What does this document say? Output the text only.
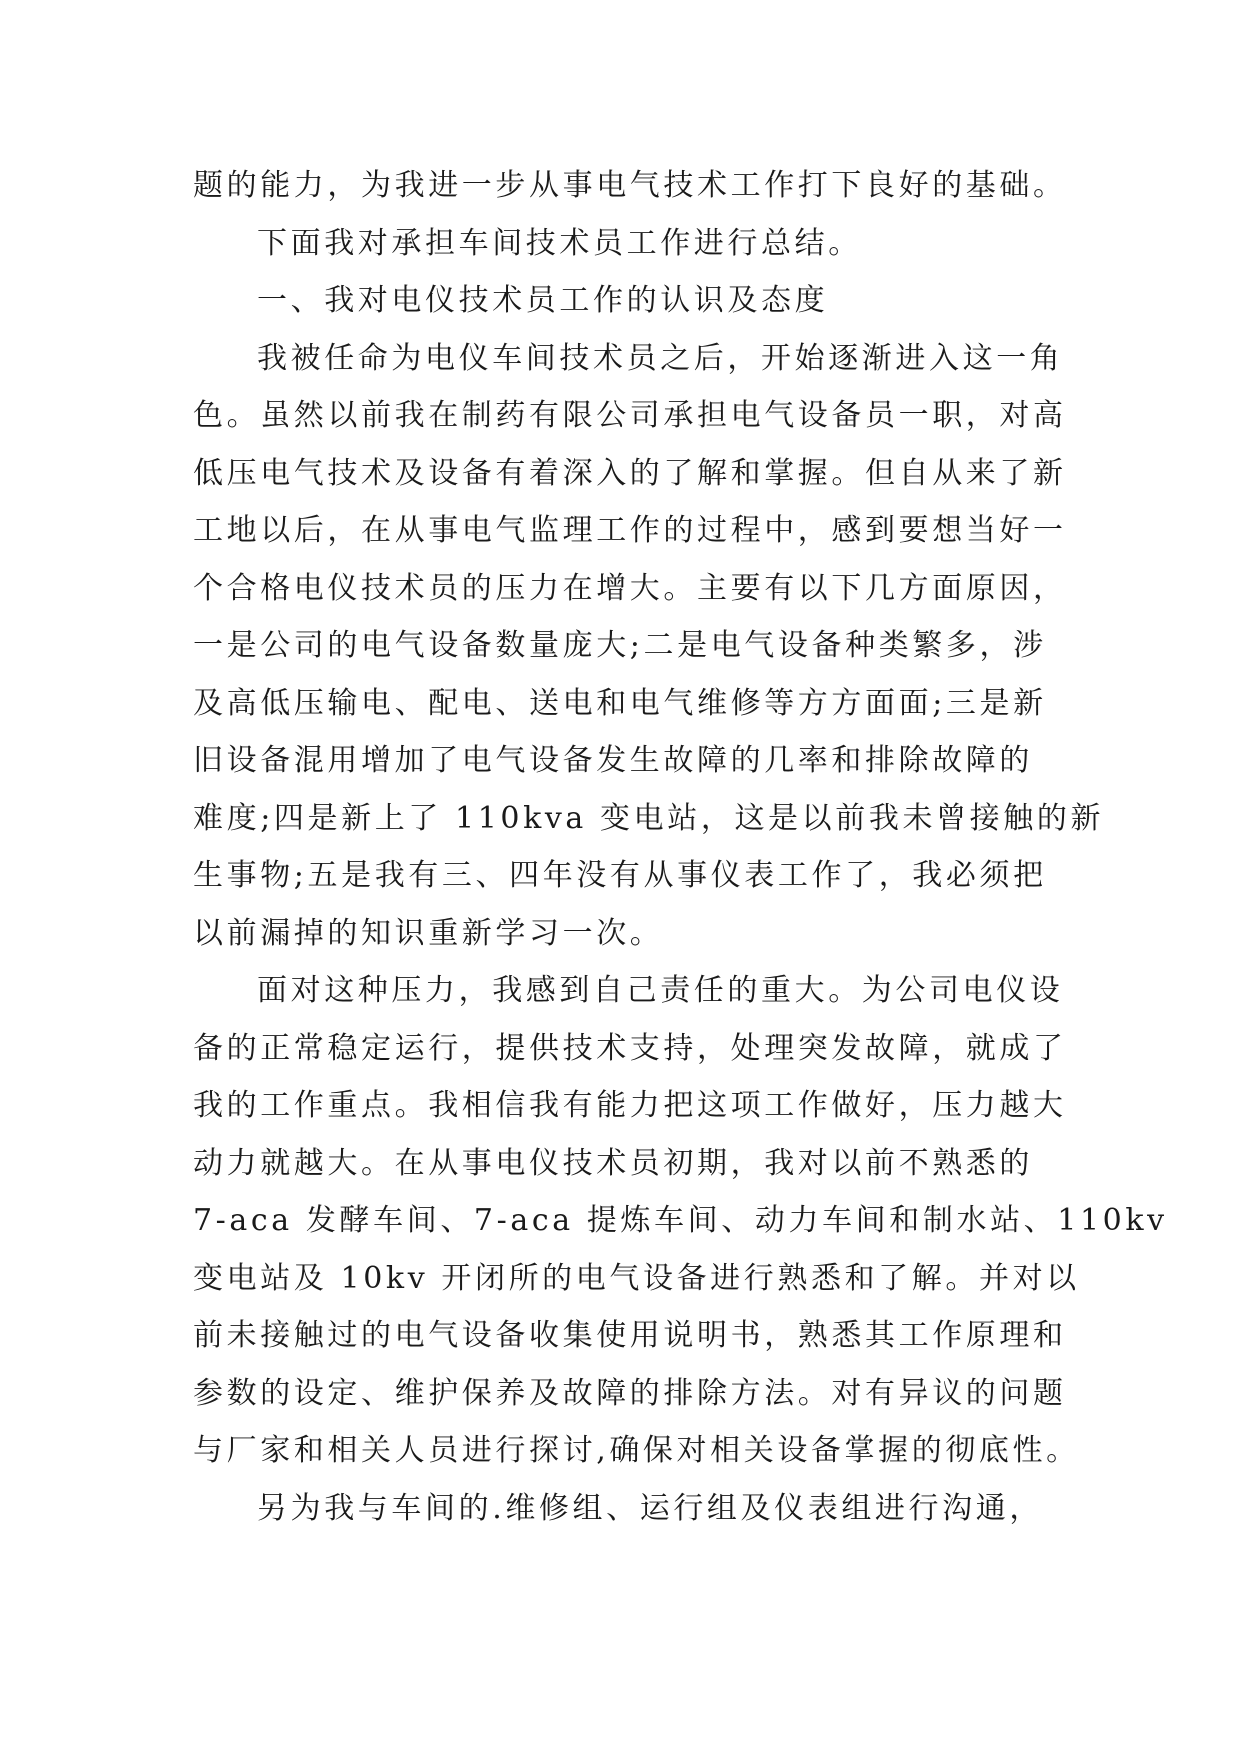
题的能力，为我进一步从事电气技术工作打下良好的基础。
下面我对承担车间技术员工作进行总结。
一、我对电仪技术员工作的认识及态度
我被任命为电仪车间技术员之后，开始逐渐进入这一角
色。虽然以前我在制药有限公司承担电气设备员一职，对高
低压电气技术及设备有着深入的了解和掌握。但自从来了新
工地以后，在从事电气监理工作的过程中，感到要想当好一
个合格电仪技术员的压力在增大。主要有以下几方面原因，
一是公司的电气设备数量庞大;二是电气设备种类繁多，涉
及高低压输电、配电、送电和电气维修等方方面面;三是新
旧设备混用增加了电气设备发生故障的几率和排除故障的
难度;四是新上了 110kva 变电站，这是以前我未曾接触的新
生事物;五是我有三、四年没有从事仪表工作了，我必须把
以前漏掉的知识重新学习一次。
面对这种压力，我感到自己责任的重大。为公司电仪设
备的正常稳定运行，提供技术支持，处理突发故障，就成了
我的工作重点。我相信我有能力把这项工作做好，压力越大
动力就越大。在从事电仪技术员初期，我对以前不熟悉的
7-aca 发酵车间、7-aca 提炼车间、动力车间和制水站、110kv
变电站及 10kv 开闭所的电气设备进行熟悉和了解。并对以
前未接触过的电气设备收集使用说明书，熟悉其工作原理和
参数的设定、维护保养及故障的排除方法。对有异议的问题
与厂家和相关人员进行探讨,确保对相关设备掌握的彻底性。
另为我与车间的.维修组、运行组及仪表组进行沟通，
